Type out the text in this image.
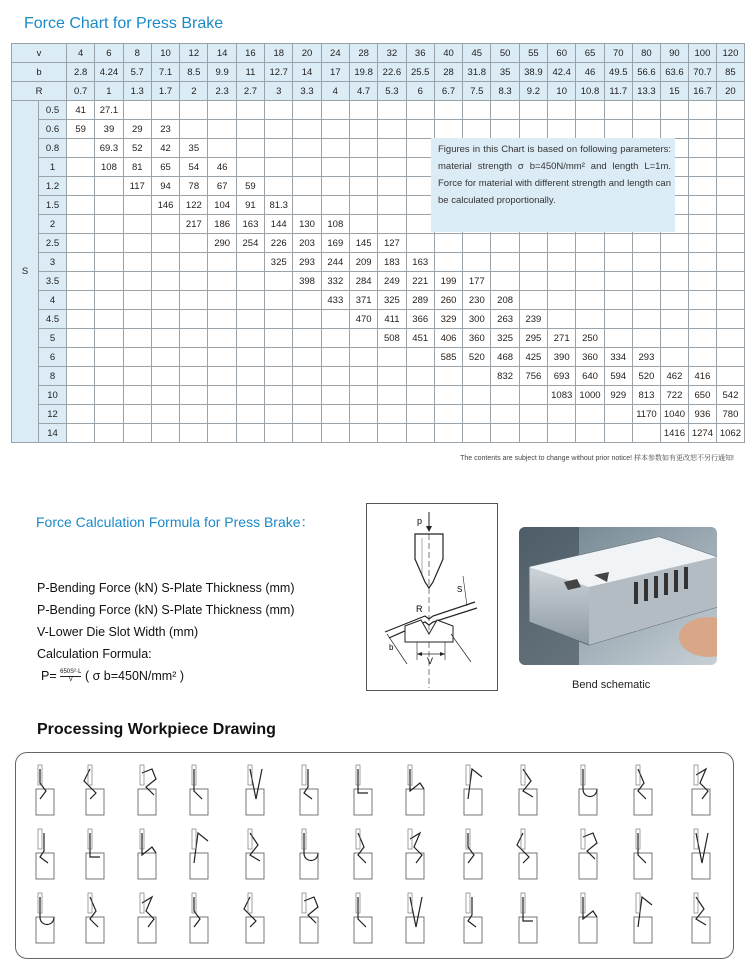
Force Chart for Press Brake
v		4	6	8	10	12	14	16	18	20	24	28	32	36	40	45	50	55	60	65	70	80	90	100	120
b		2.8	4.24	5.7	7.1	8.5	9.9	11	12.7	14	17	19.8	22.6	25.5	28	31.8	35	38.9	42.4	46	49.5	56.6	63.6	70.7	85
R		0.7	1	1.3	1.7	2	2.3	2.7	3	3.3	4	4.7	5.3	6	6.7	7.5	8.3	9.2	10	10.8	11.7	13.3	15	16.7	20
S	0.5	41	27.1																						
	0.6	59	39	29	23																				
	0.8		69.3	52	42	35																			
	1		108	81	65	54	46																		
	1.2			117	94	78	67	59																	
	1.5				146	122	104	91	81.3																
	2					217	186	163	144	130	108														
	2.5						290	254	226	203	169	145	127												
	3								325	293	244	209	183	163											
	3.5									398	332	284	249	221	199	177									
	4										433	371	325	289	260	230	208								
	4.5											470	411	366	329	300	263	239							
	5												508	451	406	360	325	295	271	250					
	6														585	520	468	425	390	360	334	293			
	8																832	756	693	640	594	520	462	416	
	10																		1083	1000	929	813	722	650	542
	12																					1170	1040	936	780
	14																						1416	1274	1062
Figures in this Chart is based on following parameters: material strength σ b=450N/mm² and length L=1m. Force for material with different strength and length can be calculated proportionally.
The contents are subject to change without prior notice! 样本参数如有更改恕不另行通知!
Force Calculation Formula for Press Brake：
P-Bending Force (kN) S-Plate Thickness (mm)
P-Bending Force (kN) S-Plate Thickness (mm)
V-Lower Die Slot Width (mm)
Calculation Formula:
$P= \frac{\text{650S²·L}}{V}$ ( σ b=450N/mm² )
p
V
R
S
b
Bend schematic
Processing Workpiece Drawing
